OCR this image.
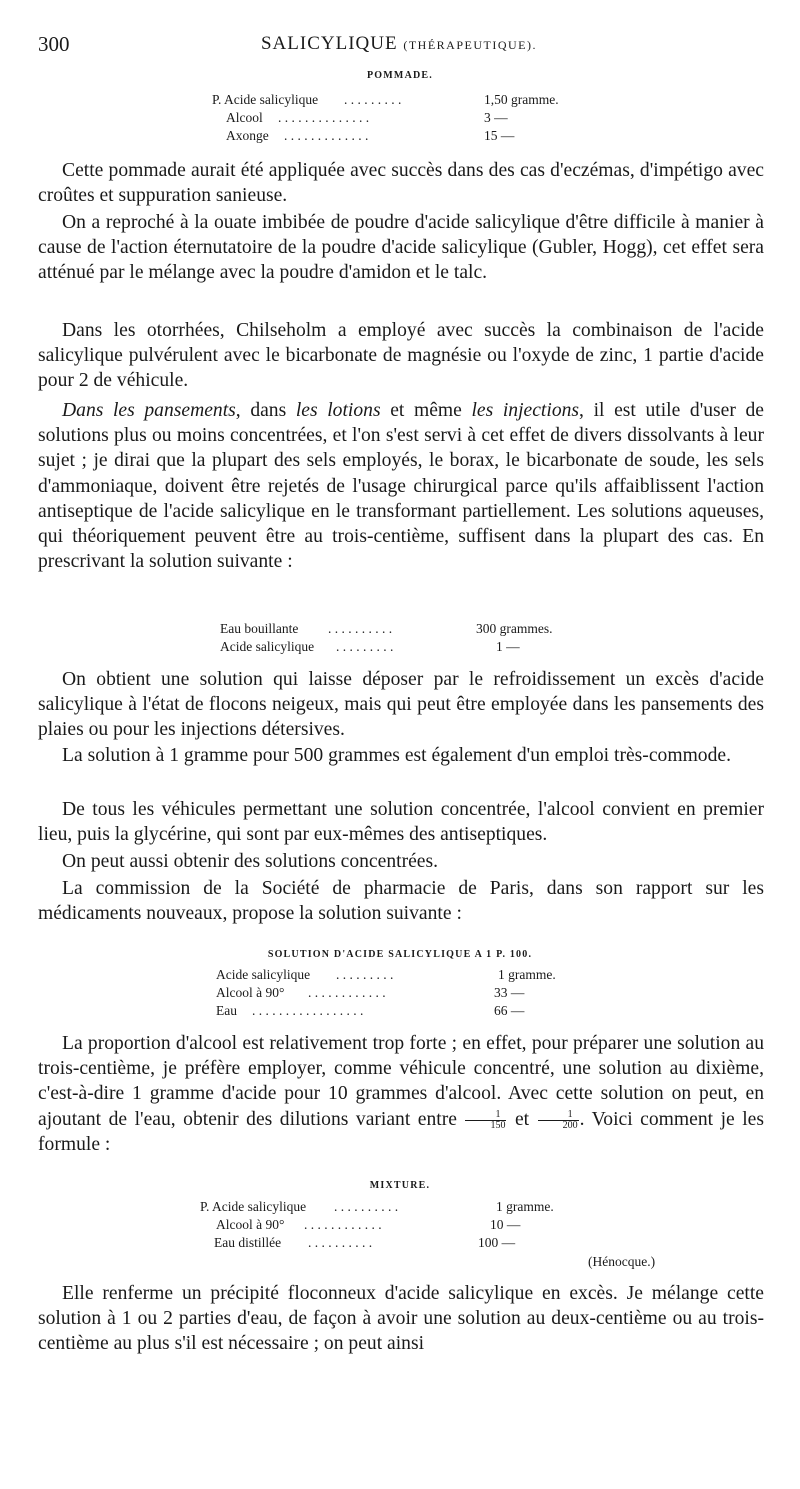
300	SALICYLIQUE (THÉRAPEUTIQUE).
POMMADE.
P. Acide salicylique	. . . . . . . . .	1,50 gramme.
Alcool	. . . . . . . . . . . . . .	3 —
Axonge	. . . . . . . . . . . . .	15 —

Cette pommade aurait été appliquée avec succès dans des cas d'eczémas, d'impétigo avec croûtes et suppuration sanieuse.

On a reproché à la ouate imbibée de poudre d'acide salicylique d'être difficile à manier à cause de l'action éternutatoire de la poudre d'acide salicylique (Gubler, Hogg), cet effet sera atténué par le mélange avec la poudre d'amidon et le talc.

Dans les otorrhées, Chilseholm a employé avec succès la combinaison de l'acide salicylique pulvérulent avec le bicarbonate de magnésie ou l'oxyde de zinc, 1 partie d'acide pour 2 de véhicule.

Dans les pansements, dans les lotions et même les injections, il est utile d'user de solutions plus ou moins concentrées, et l'on s'est servi à cet effet de divers dissolvants à leur sujet ; je dirai que la plupart des sels employés, le borax, le bicarbonate de soude, les sels d'ammoniaque, doivent être rejetés de l'usage chirurgical parce qu'ils affaiblissent l'action antiseptique de l'acide salicylique en le transformant partiellement. Les solutions aqueuses, qui théoriquement peuvent être au trois-centième, suffisent dans la plupart des cas. En prescrivant la solution suivante :

Eau bouillante	. . . . . . . . . .	300 grammes.
Acide salicylique	. . . . . . . . .	1 —

On obtient une solution qui laisse déposer par le refroidissement un excès d'acide salicylique à l'état de flocons neigeux, mais qui peut être employée dans les pansements des plaies ou pour les injections détersives.

La solution à 1 gramme pour 500 grammes est également d'un emploi très-commode.

De tous les véhicules permettant une solution concentrée, l'alcool convient en premier lieu, puis la glycérine, qui sont par eux-mêmes des antiseptiques.

On peut aussi obtenir des solutions concentrées.

La commission de la Société de pharmacie de Paris, dans son rapport sur les médicaments nouveaux, propose la solution suivante :

SOLUTION D'ACIDE SALICYLIQUE A 1 P. 100.
Acide salicylique	. . . . . . . . .	1 gramme.
Alcool à 90°	. . . . . . . . . . . .	33 —
Eau	. . . . . . . . . . . . . . . . .	66 —

La proportion d'alcool est relativement trop forte ; en effet, pour préparer une solution au trois-centième, je préfère employer, comme véhicule concentré, une solution au dixième, c'est-à-dire 1 gramme d'acide pour 10 grammes d'alcool. Avec cette solution on peut, en ajoutant de l'eau, obtenir des dilutions variant entre $\frac{1}{150}$ et $\frac{1}{200}$ . Voici comment je les formule :

MIXTURE.
P. Acide salicylique	. . . . . . . . . .	1 gramme.
Alcool à 90°	. . . . . . . . . . . .	10 —
Eau distillée	. . . . . . . . . .	100 —
(Hénocque.)

Elle renferme un précipité floconneux d'acide salicylique en excès. Je mélange cette solution à 1 ou 2 parties d'eau, de façon à avoir une solution au deux-centième ou au trois-centième au plus s'il est nécessaire ; on peut ainsi
